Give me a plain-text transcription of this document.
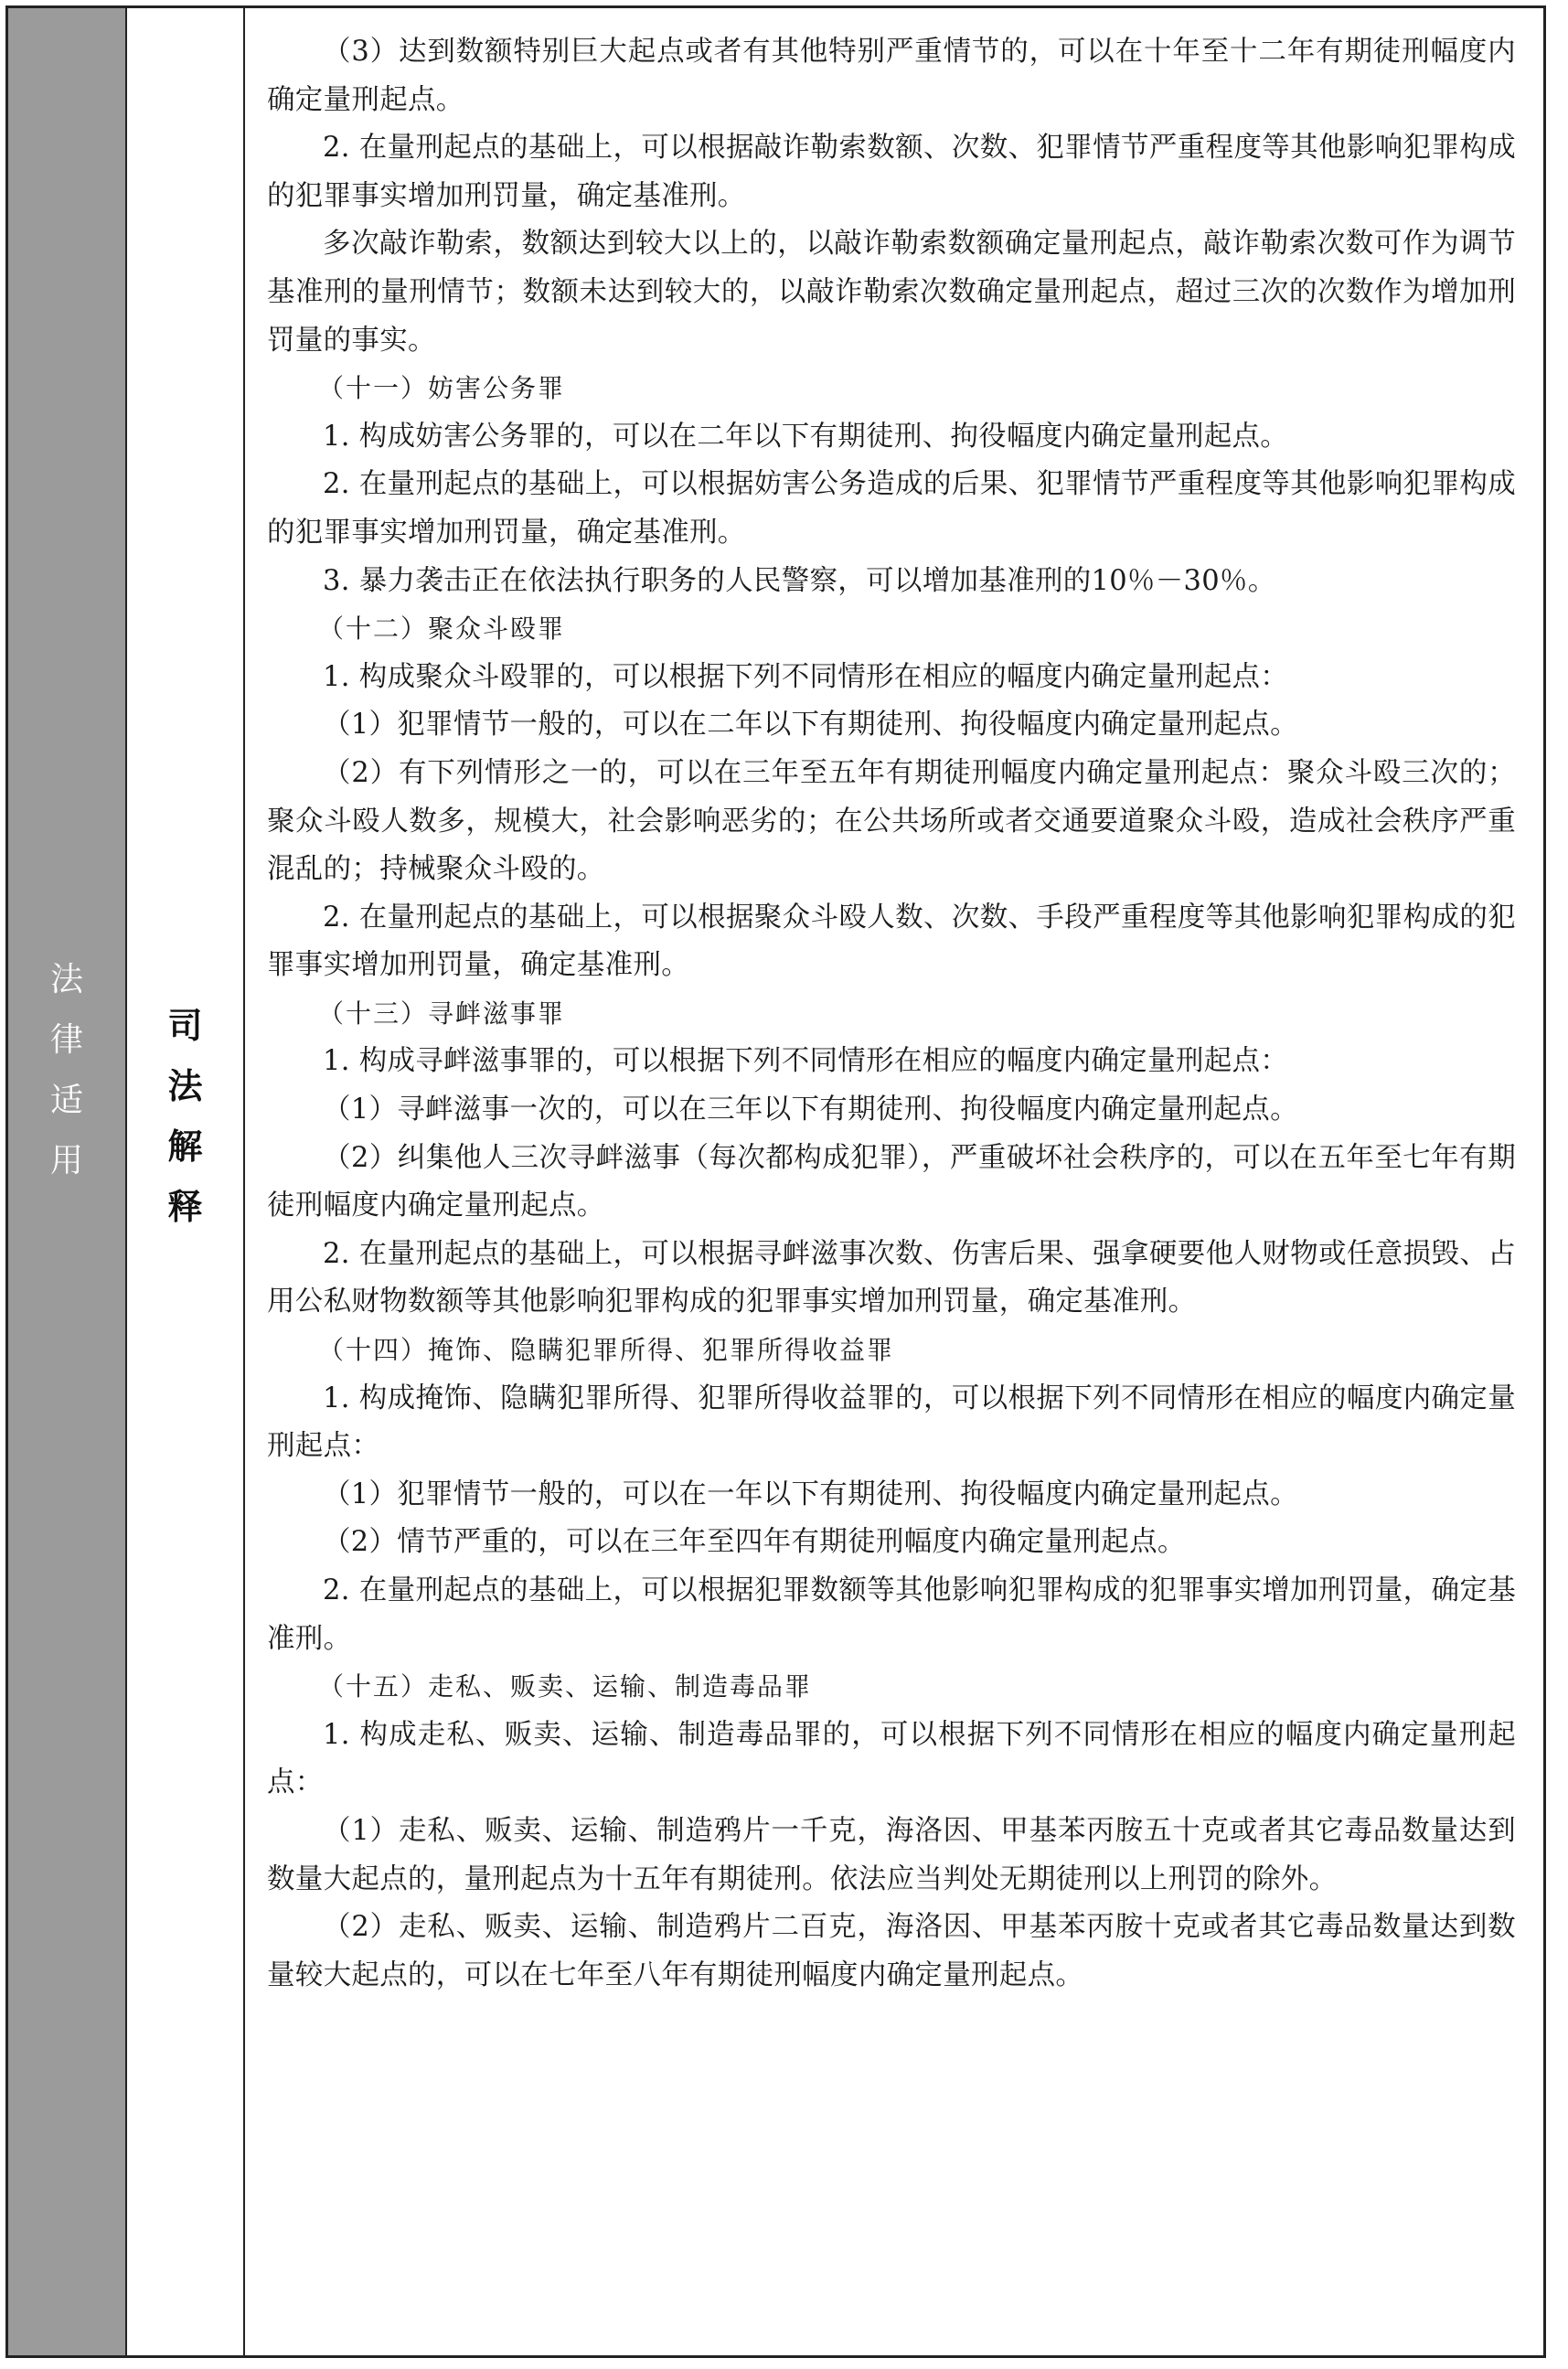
法
律
适
用
司
法
解
释

（3）达到数额特别巨大起点或者有其他特别严重情节的，可以在十年至十二年有期徒刑幅度内确定量刑起点。

2. 在量刑起点的基础上，可以根据敲诈勒索数额、次数、犯罪情节严重程度等其他影响犯罪构成的犯罪事实增加刑罚量，确定基准刑。

多次敲诈勒索，数额达到较大以上的，以敲诈勒索数额确定量刑起点，敲诈勒索次数可作为调节基准刑的量刑情节；数额未达到较大的，以敲诈勒索次数确定量刑起点，超过三次的次数作为增加刑罚量的事实。

（十一）妨害公务罪

1. 构成妨害公务罪的，可以在二年以下有期徒刑、拘役幅度内确定量刑起点。

2. 在量刑起点的基础上，可以根据妨害公务造成的后果、犯罪情节严重程度等其他影响犯罪构成的犯罪事实增加刑罚量，确定基准刑。

3. 暴力袭击正在依法执行职务的人民警察，可以增加基准刑的10％－30％。

（十二）聚众斗殴罪

1. 构成聚众斗殴罪的，可以根据下列不同情形在相应的幅度内确定量刑起点：

（1）犯罪情节一般的，可以在二年以下有期徒刑、拘役幅度内确定量刑起点。

（2）有下列情形之一的，可以在三年至五年有期徒刑幅度内确定量刑起点：聚众斗殴三次的；聚众斗殴人数多，规模大，社会影响恶劣的；在公共场所或者交通要道聚众斗殴，造成社会秩序严重混乱的；持械聚众斗殴的。

2. 在量刑起点的基础上，可以根据聚众斗殴人数、次数、手段严重程度等其他影响犯罪构成的犯罪事实增加刑罚量，确定基准刑。

（十三）寻衅滋事罪

1. 构成寻衅滋事罪的，可以根据下列不同情形在相应的幅度内确定量刑起点：

（1）寻衅滋事一次的，可以在三年以下有期徒刑、拘役幅度内确定量刑起点。

（2）纠集他人三次寻衅滋事（每次都构成犯罪），严重破坏社会秩序的，可以在五年至七年有期徒刑幅度内确定量刑起点。

2. 在量刑起点的基础上，可以根据寻衅滋事次数、伤害后果、强拿硬要他人财物或任意损毁、占用公私财物数额等其他影响犯罪构成的犯罪事实增加刑罚量，确定基准刑。

（十四）掩饰、隐瞒犯罪所得、犯罪所得收益罪

1. 构成掩饰、隐瞒犯罪所得、犯罪所得收益罪的，可以根据下列不同情形在相应的幅度内确定量刑起点：

（1）犯罪情节一般的，可以在一年以下有期徒刑、拘役幅度内确定量刑起点。

（2）情节严重的，可以在三年至四年有期徒刑幅度内确定量刑起点。

2. 在量刑起点的基础上，可以根据犯罪数额等其他影响犯罪构成的犯罪事实增加刑罚量，确定基准刑。

（十五）走私、贩卖、运输、制造毒品罪

1. 构成走私、贩卖、运输、制造毒品罪的，可以根据下列不同情形在相应的幅度内确定量刑起点：

（1）走私、贩卖、运输、制造鸦片一千克，海洛因、甲基苯丙胺五十克或者其它毒品数量达到数量大起点的，量刑起点为十五年有期徒刑。依法应当判处无期徒刑以上刑罚的除外。

（2）走私、贩卖、运输、制造鸦片二百克，海洛因、甲基苯丙胺十克或者其它毒品数量达到数量较大起点的，可以在七年至八年有期徒刑幅度内确定量刑起点。
